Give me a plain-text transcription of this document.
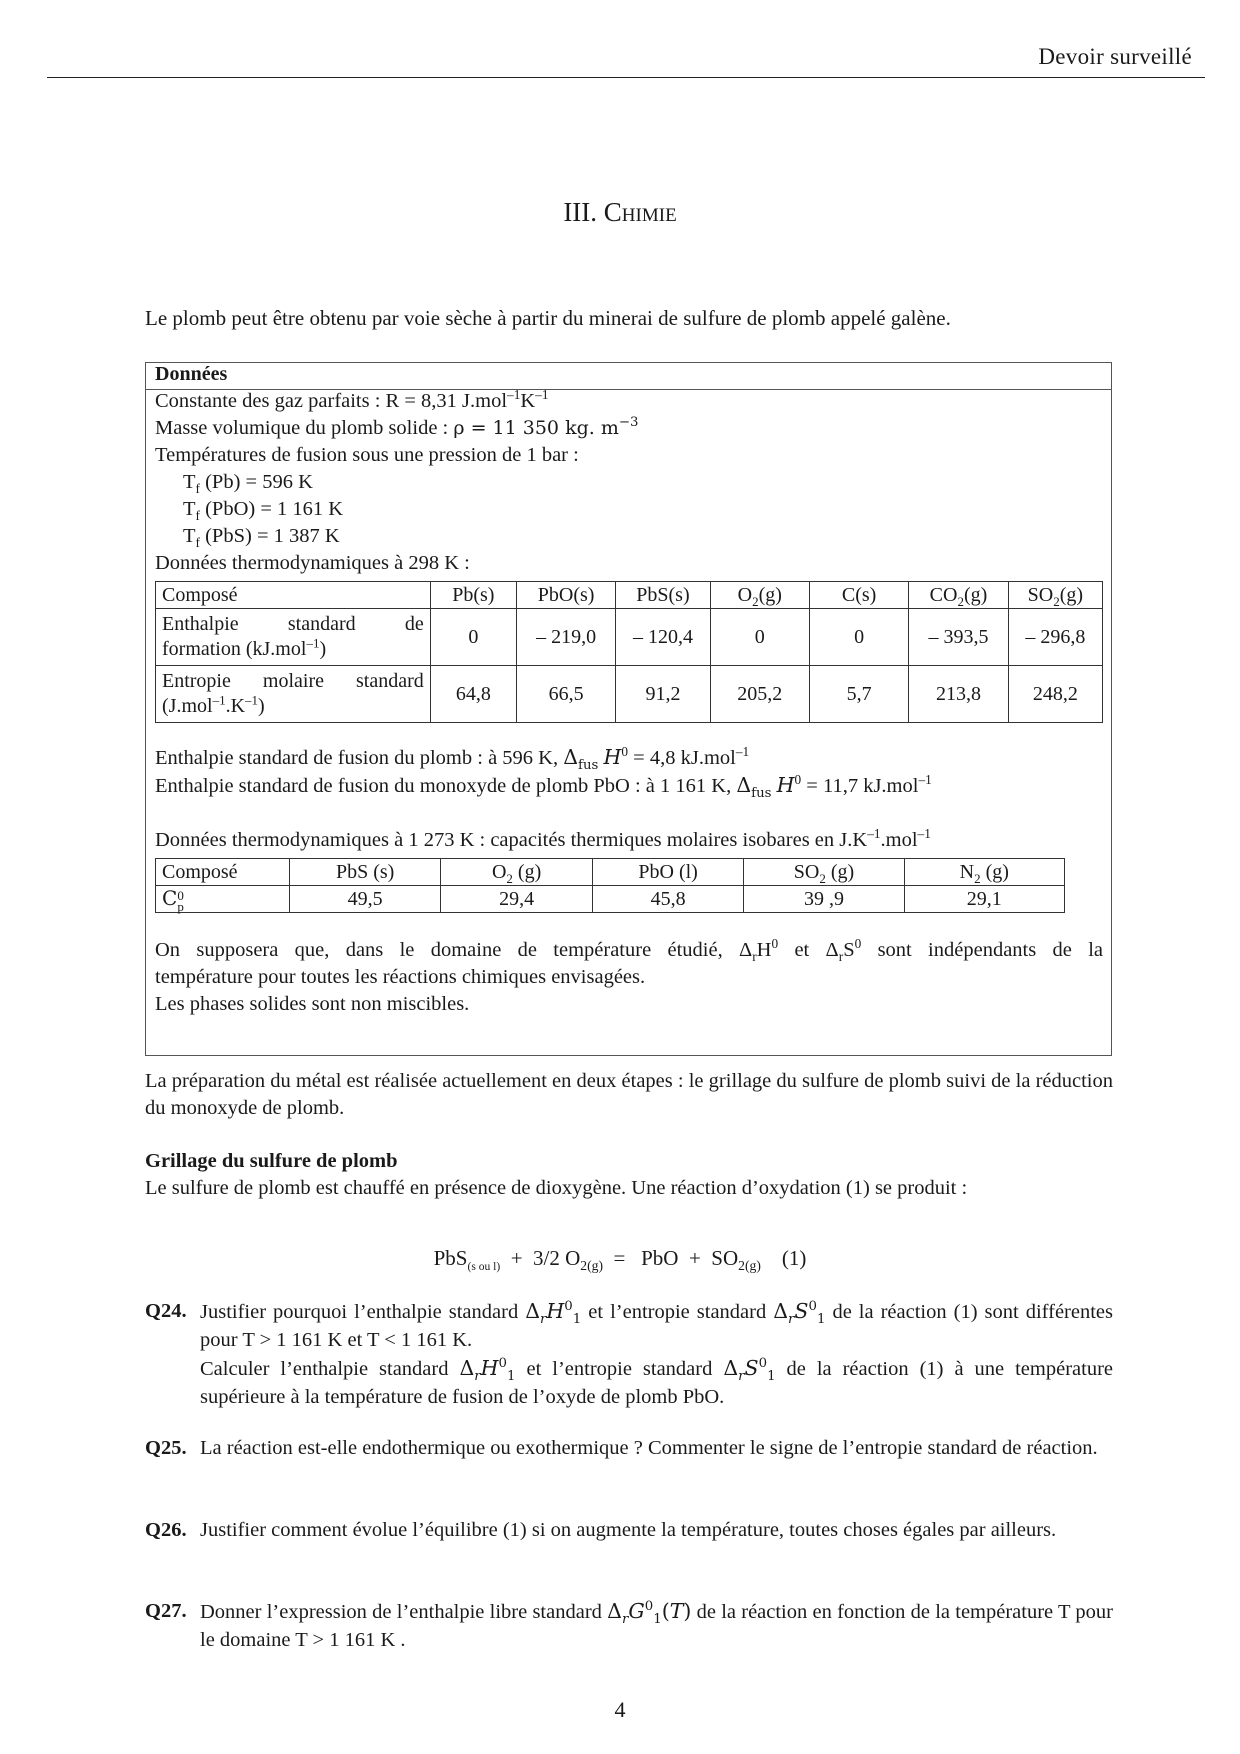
Devoir surveillé
III. Chimie
Le plomb peut être obtenu par voie sèche à partir du minerai de sulfure de plomb appelé galène.
Données
Constante des gaz parfaits : R = 8,31 $J.mol^{-1}K^{-1}$
Masse volumique du plomb solide : ρ = 11 350 kg. $m^{-3}$
Températures de fusion sous une pression de 1 bar :
$T_f$ (Pb) = 596 K
$T_f$ (PbO) = 1 161 K
$T_f$ (PbS) = 1 387 K
Données thermodynamiques à 298 K :
Composé	Pb(s)	PbO(s)	PbS(s)	$O_2(g)$	C(s)	$CO_2(g)$	$SO_2(g)$

Enthalpie standard de
formation (kJ.mol$^{-1}$)	0	– 219,0	– 120,4	0	0	– 393,5	– 296,8

Entropie molaire standard
$(J.mol^{-1}.K^{-1})$	64,8	66,5	91,2	205,2	5,7	213,8	248,2
Enthalpie standard de fusion du plomb : à 596 K, $\Delta_{fus}$ $H^0 = 4,8$ kJ.mol$^{-1}$
Enthalpie standard de fusion du monoxyde de plomb PbO : à 1 161 K, $\Delta_{fus}$ $H^0 = 11,7$ kJ.mol$^{-1}$
Données thermodynamiques à 1 273 K : capacités thermiques molaires isobares en $J.K^{-1}.mol^{-1}$
Composé	PbS (s)	$O_2$ (g)	PbO (l)	$SO_2$ (g)	$N_2$ (g)
C 0
p	49,5	29,4	45,8	39 ,9	29,1
On supposera que, dans le domaine de température étudié, $\Delta_rH^0$ et $\Delta_rS^0$ sont indépendants de la
température pour toutes les réactions chimiques envisagées.
Les phases solides sont non miscibles.
La préparation du métal est réalisée actuellement en deux étapes : le grillage du sulfure de plomb suivi de la réduction du monoxyde de plomb.
Grillage du sulfure de plomb
Le sulfure de plomb est chauffé en présence de dioxygène. Une réaction d’oxydation (1) se produit :
PbS$_{(s ou l)}$  +  3/2 $O_{2(g)}$  =   PbO  +  $SO_{2(g)}$ (1)
Q24. Justifier pourquoi l’enthalpie standard $\Delta_rH^0_1$ et l’entropie standard $\Delta_rS^0_1$ de la réaction (1) sont différentes pour T > 1 161 K et T < 1 161 K.
Calculer l’enthalpie standard $\Delta_rH^0_1$ et l’entropie standard $\Delta_rS^0_1$ de la réaction (1) à une température supérieure à la température de fusion de l’oxyde de plomb PbO.
Q25. La réaction est-elle endothermique ou exothermique ? Commenter le signe de l’entropie standard de réaction.
Q26. Justifier comment évolue l’équilibre (1) si on augmente la température, toutes choses égales par ailleurs.
Q27. Donner l’expression de l’enthalpie libre standard $\Delta_rG^0_1(T)$ de la réaction en fonction de la température T pour le domaine T > 1 161 K .
4
